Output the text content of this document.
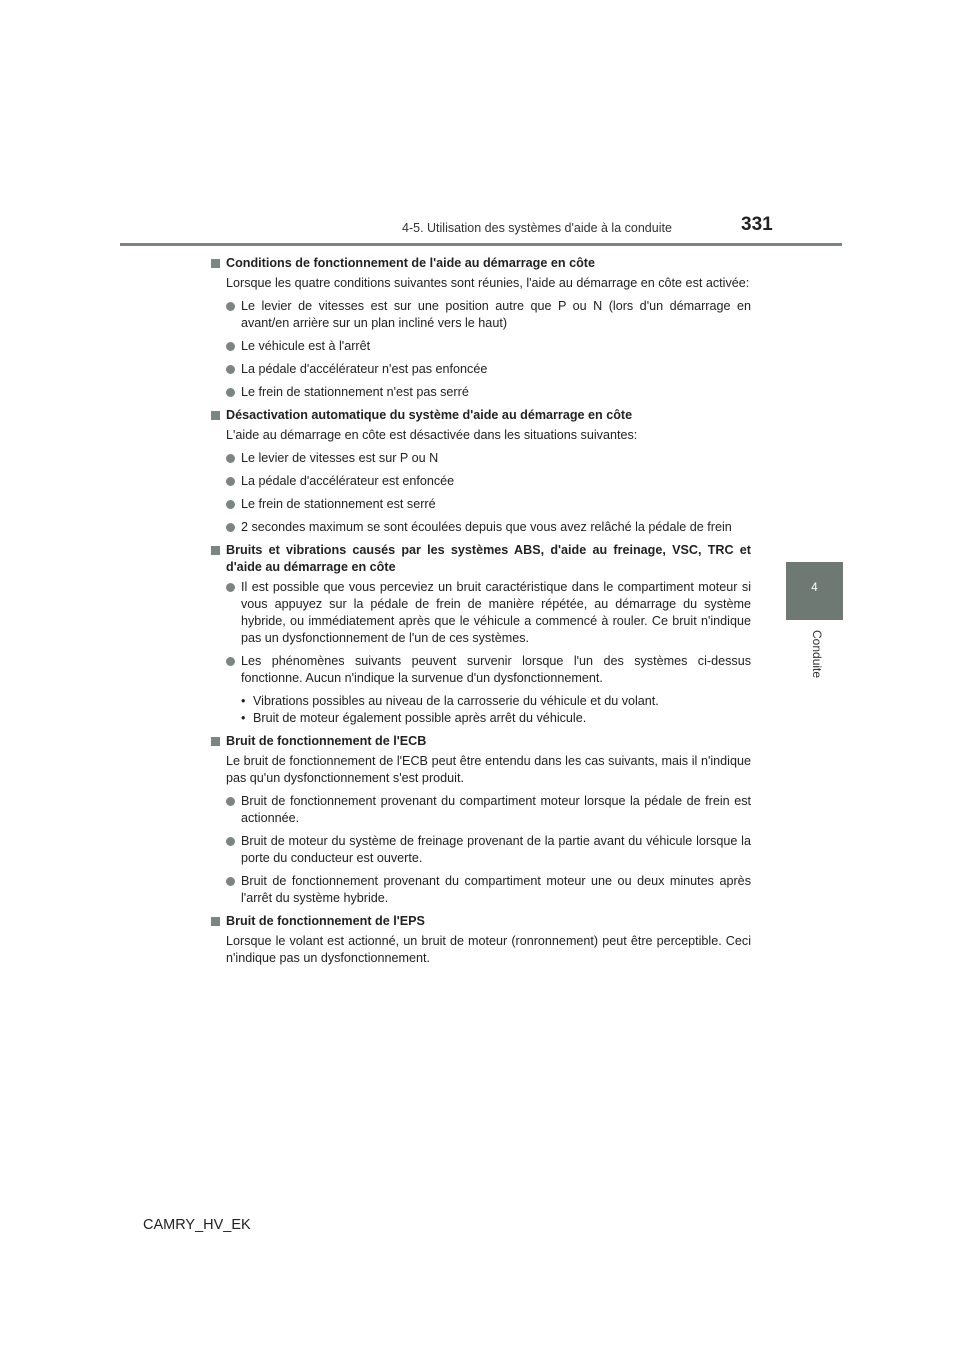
4-5. Utilisation des systèmes d'aide à la conduite	331
4
Conduite
Conditions de fonctionnement de l'aide au démarrage en côte
Lorsque les quatre conditions suivantes sont réunies, l'aide au démarrage en côte est activée:
Le levier de vitesses est sur une position autre que P ou N (lors d'un démarrage en avant/en arrière sur un plan incliné vers le haut)
Le véhicule est à l'arrêt
La pédale d'accélérateur n'est pas enfoncée
Le frein de stationnement n'est pas serré
Désactivation automatique du système d'aide au démarrage en côte
L'aide au démarrage en côte est désactivée dans les situations suivantes:
Le levier de vitesses est sur P ou N
La pédale d'accélérateur est enfoncée
Le frein de stationnement est serré
2 secondes maximum se sont écoulées depuis que vous avez relâché la pédale de frein
Bruits et vibrations causés par les systèmes ABS, d'aide au freinage, VSC, TRC et d'aide au démarrage en côte
Il est possible que vous perceviez un bruit caractéristique dans le compartiment moteur si vous appuyez sur la pédale de frein de manière répétée, au démarrage du système hybride, ou immédiatement après que le véhicule a commencé à rouler. Ce bruit n'indique pas un dysfonctionnement de l'un de ces systèmes.
Les phénomènes suivants peuvent survenir lorsque l'un des systèmes ci-dessus fonctionne. Aucun n'indique la survenue d'un dysfonctionnement.
• Vibrations possibles au niveau de la carrosserie du véhicule et du volant.
• Bruit de moteur également possible après arrêt du véhicule.
Bruit de fonctionnement de l'ECB
Le bruit de fonctionnement de l'ECB peut être entendu dans les cas suivants, mais il n'indique pas qu'un dysfonctionnement s'est produit.
Bruit de fonctionnement provenant du compartiment moteur lorsque la pédale de frein est actionnée.
Bruit de moteur du système de freinage provenant de la partie avant du véhicule lorsque la porte du conducteur est ouverte.
Bruit de fonctionnement provenant du compartiment moteur une ou deux minutes après l'arrêt du système hybride.
Bruit de fonctionnement de l'EPS
Lorsque le volant est actionné, un bruit de moteur (ronronnement) peut être perceptible. Ceci n'indique pas un dysfonctionnement.
CAMRY_HV_EK
